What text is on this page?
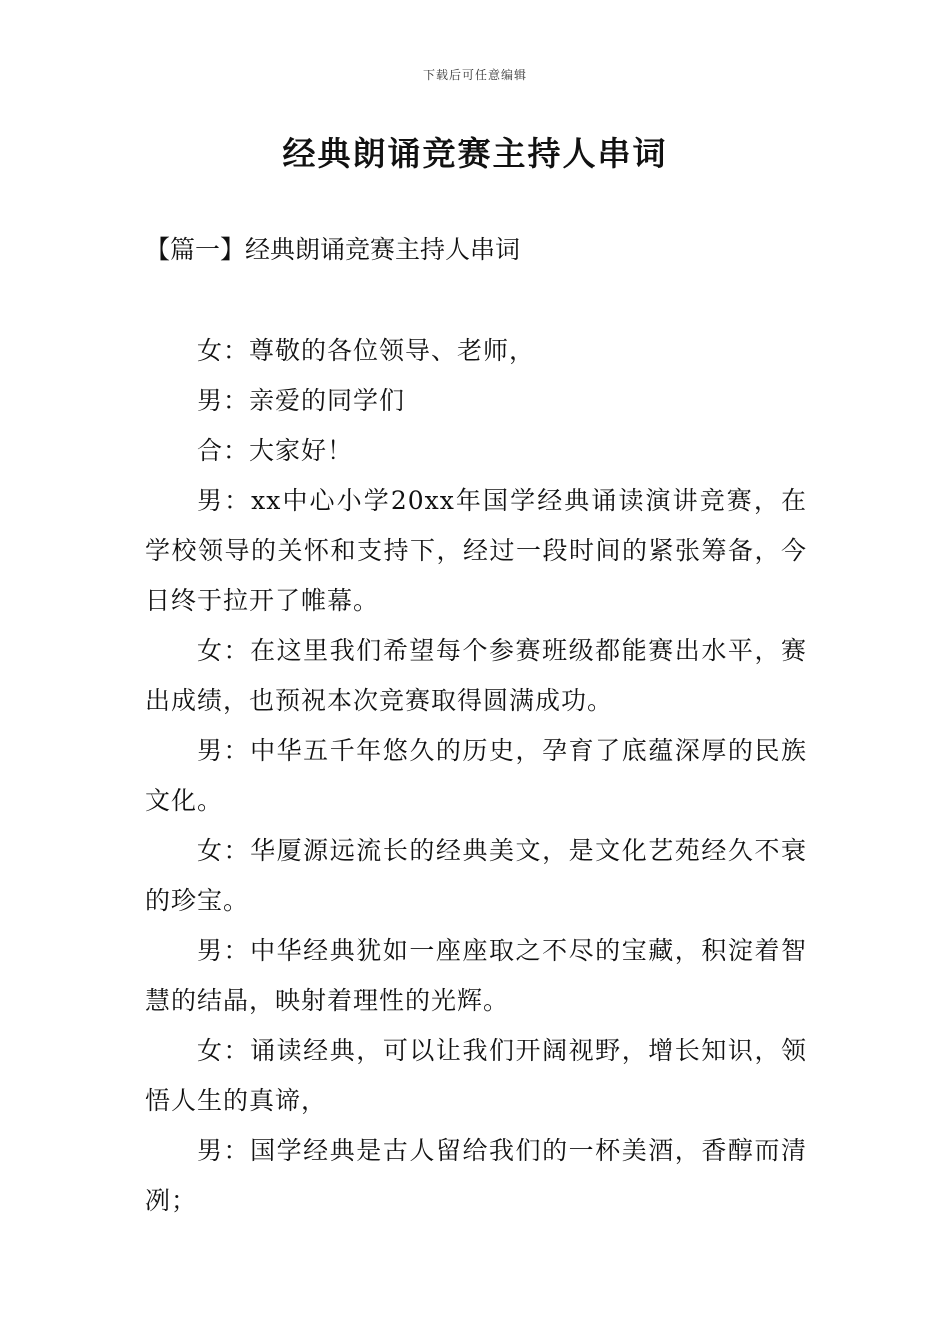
下载后可任意编辑
经典朗诵竞赛主持人串词
【篇一】经典朗诵竞赛主持人串词

女：尊敬的各位领导、老师，

男：亲爱的同学们

合：大家好！

男：xx中心小学20xx年国学经典诵读演讲竞赛，在学校领导的关怀和支持下，经过一段时间的紧张筹备，今日终于拉开了帷幕。

女：在这里我们希望每个参赛班级都能赛出水平，赛出成绩，也预祝本次竞赛取得圆满成功。

男：中华五千年悠久的历史，孕育了底蕴深厚的民族文化。

女：华厦源远流长的经典美文，是文化艺苑经久不衰的珍宝。

男：中华经典犹如一座座取之不尽的宝藏，积淀着智慧的结晶，映射着理性的光辉。

女：诵读经典，可以让我们开阔视野，增长知识，领悟人生的真谛，

男：国学经典是古人留给我们的一杯美酒，香醇而清冽；
